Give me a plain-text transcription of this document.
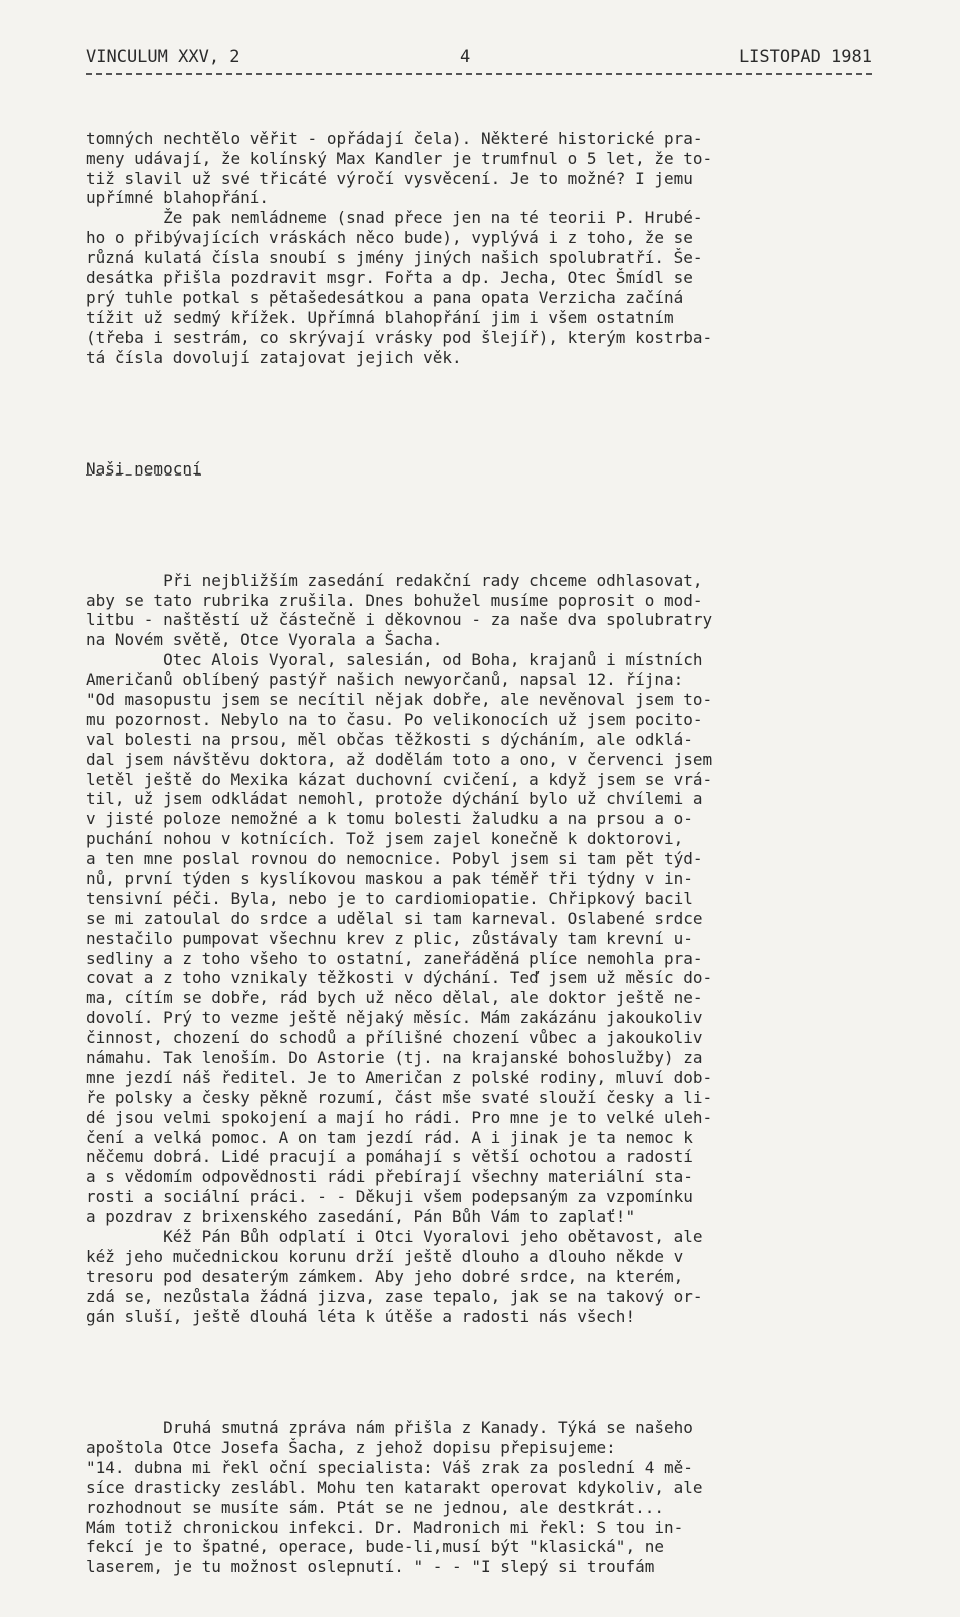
VINCULUM XXV, 2	4	LISTOPAD 1981

tomných nechtělo věřit - opřádají čela). Některé historické pra-
meny udávají, že kolínský Max Kandler je trumfnul o 5 let, že to-
tiž slavil už své třicáté výročí vysvěcení. Je to možné? I jemu
upřímné blahopřání.
Že pak nemládneme (snad přece jen na té teorii P. Hrubé-
ho o přibývajících vráskách něco bude), vyplývá i z toho, že se
různá kulatá čísla snoubí s jmény jiných našich spolubratří. Še-
desátka přišla pozdravit msgr. Fořta a dp. Jecha, Otec Šmídl se
prý tuhle potkal s pětašedesátkou a pana opata Verzicha začíná
tížit už sedmý křížek. Upřímná blahopřání jim i všem ostatním
(třeba i sestrám, co skrývají vrásky pod šlejíř), kterým kostrba-
tá čísla dovolují zatajovat jejich věk.

Naši nemocní

Při nejbližším zasedání redakční rady chceme odhlasovat,
aby se tato rubrika zrušila. Dnes bohužel musíme poprosit o mod-
litbu - naštěstí už částečně i děkovnou - za naše dva spolubratry
na Novém světě, Otce Vyorala a Šacha.
Otec Alois Vyoral, salesián, od Boha, krajanů i místních
Američanů oblíbený pastýř našich newyorčanů, napsal 12. října:
"Od masopustu jsem se necítil nějak dobře, ale nevěnoval jsem to-
mu pozornost. Nebylo na to času. Po velikonocích už jsem pocito-
val bolesti na prsou, měl občas těžkosti s dýcháním, ale odklá-
dal jsem návštěvu doktora, až dodělám toto a ono, v červenci jsem
letěl ještě do Mexika kázat duchovní cvičení, a když jsem se vrá-
til, už jsem odkládat nemohl, protože dýchání bylo už chvílemi a
v jisté poloze nemožné a k tomu bolesti žaludku a na prsou a o-
puchání nohou v kotnících. Tož jsem zajel konečně k doktorovi,
a ten mne poslal rovnou do nemocnice. Pobyl jsem si tam pět týd-
nů, první týden s kyslíkovou maskou a pak téměř tři týdny v in-
tensivní péči. Byla, nebo je to cardiomiopatie. Chřipkový bacil
se mi zatoulal do srdce a udělal si tam karneval. Oslabené srdce
nestačilo pumpovat všechnu krev z plic, zůstávaly tam krevní u-
sedliny a z toho všeho to ostatní, zaneřáděná plíce nemohla pra-
covat a z toho vznikaly těžkosti v dýchání. Teď jsem už měsíc do-
ma, cítím se dobře, rád bych už něco dělal, ale doktor ještě ne-
dovolí. Prý to vezme ještě nějaký měsíc. Mám zakázánu jakoukoliv
činnost, chození do schodů a přílišné chození vůbec a jakoukoliv
námahu. Tak lenoším. Do Astorie (tj. na krajanské bohoslužby) za
mne jezdí náš ředitel. Je to Američan z polské rodiny, mluví dob-
ře polsky a česky pěkně rozumí, část mše svaté slouží česky a li-
dé jsou velmi spokojení a mají ho rádi. Pro mne je to velké uleh-
čení a velká pomoc. A on tam jezdí rád. A i jinak je ta nemoc k
něčemu dobrá. Lidé pracují a pomáhají s větší ochotou a radostí
a s vědomím odpovědnosti rádi přebírají všechny materiální sta-
rosti a sociální práci. - - Děkuji všem podepsaným za vzpomínku
a pozdrav z brixenského zasedání, Pán Bůh Vám to zaplať!"
Kéž Pán Bůh odplatí i Otci Vyoralovi jeho obětavost, ale
kéž jeho mučednickou korunu drží ještě dlouho a dlouho někde v
tresoru pod desaterým zámkem. Aby jeho dobré srdce, na kterém,
zdá se, nezůstala žádná jizva, zase tepalo, jak se na takový or-
gán sluší, ještě dlouhá léta k útěše a radosti nás všech!

Druhá smutná zpráva nám přišla z Kanady. Týká se našeho
apoštola Otce Josefa Šacha, z jehož dopisu přepisujeme:
"14. dubna mi řekl oční specialista: Váš zrak za poslední 4 mě-
síce drasticky zeslábl. Mohu ten katarakt operovat kdykoliv, ale
rozhodnout se musíte sám. Ptát se ne jednou, ale destkrát...
Mám totiž chronickou infekci. Dr. Madronich mi řekl: S tou in-
fekcí je to špatné, operace, bude-li,musí být "klasická", ne
laserem, je tu možnost oslepnutí. " - - "I slepý si troufám
